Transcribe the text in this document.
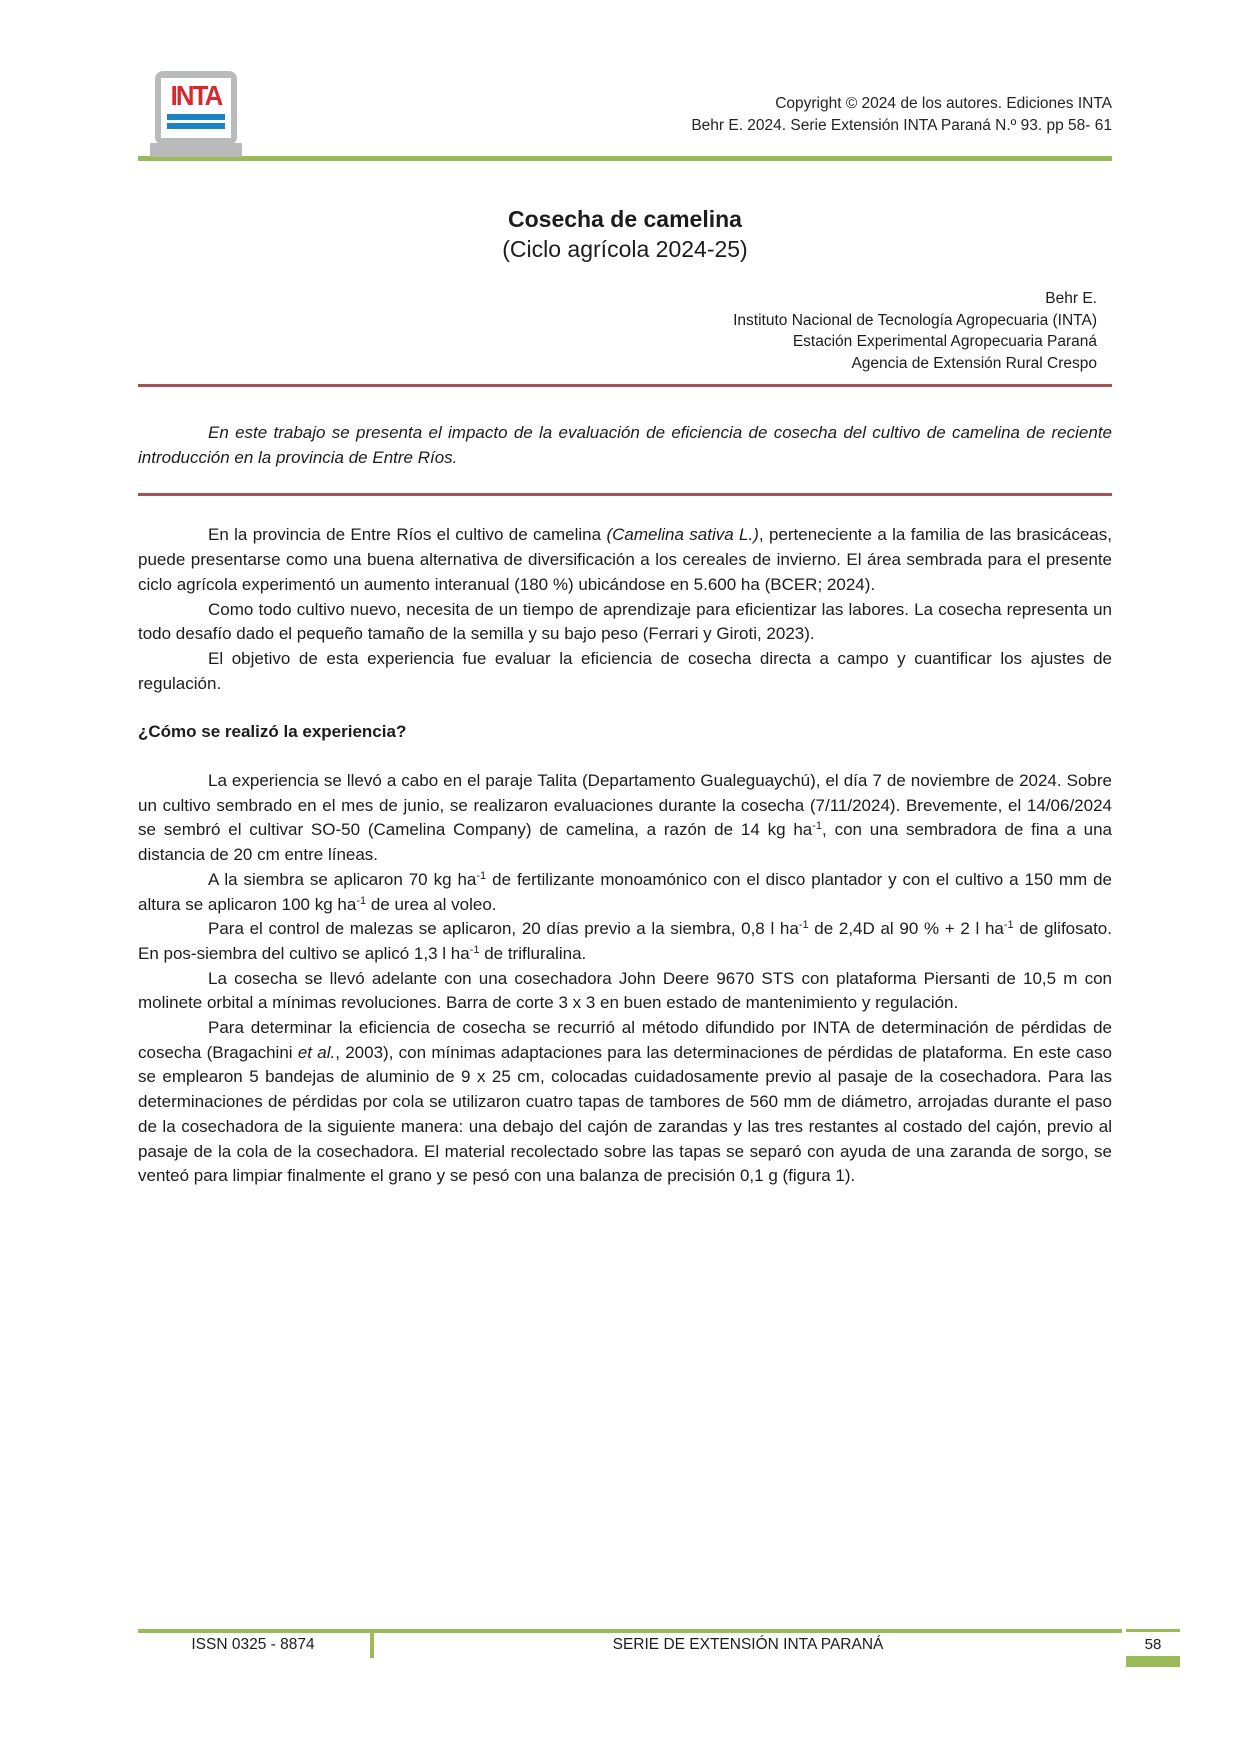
INTA	Copyright © 2024 de los autores. Ediciones INTA
Behr E. 2024. Serie Extensión INTA Paraná N.º 93. pp 58- 61
Cosecha de camelina
(Ciclo agrícola 2024-25)
Behr E.
Instituto Nacional de Tecnología Agropecuaria (INTA)
Estación Experimental Agropecuaria Paraná
Agencia de Extensión Rural Crespo

En este trabajo se presenta el impacto de la evaluación de eficiencia de cosecha del cultivo de camelina de reciente introducción en la provincia de Entre Ríos.

En la provincia de Entre Ríos el cultivo de camelina (Camelina sativa L.), perteneciente a la familia de las brasicáceas, puede presentarse como una buena alternativa de diversificación a los cereales de invierno. El área sembrada para el presente ciclo agrícola experimentó un aumento interanual (180 %) ubicándose en 5.600 ha (BCER; 2024).

Como todo cultivo nuevo, necesita de un tiempo de aprendizaje para eficientizar las labores. La cosecha representa un todo desafío dado el pequeño tamaño de la semilla y su bajo peso (Ferrari y Giroti, 2023).

El objetivo de esta experiencia fue evaluar la eficiencia de cosecha directa a campo y cuantificar los ajustes de regulación.

¿Cómo se realizó la experiencia?

La experiencia se llevó a cabo en el paraje Talita (Departamento Gualeguaychú), el día 7 de noviembre de 2024. Sobre un cultivo sembrado en el mes de junio, se realizaron evaluaciones durante la cosecha (7/11/2024). Brevemente, el 14/06/2024 se sembró el cultivar SO-50 (Camelina Company) de camelina, a razón de 14 kg $ha^{-1}$, con una sembradora de fina a una distancia de 20 cm entre líneas.

A la siembra se aplicaron 70 kg $ha^{-1}$ de fertilizante monoamónico con el disco plantador y con el cultivo a 150 mm de altura se aplicaron 100 kg $ha^{-1}$ de urea al voleo.

Para el control de malezas se aplicaron, 20 días previo a la siembra, 0,8 l $ha^{-1}$ de 2,4D al 90 % + 2 l $ha^{-1}$ de glifosato. En pos-siembra del cultivo se aplicó 1,3 l $ha^{-1}$ de trifluralina.

La cosecha se llevó adelante con una cosechadora John Deere 9670 STS con plataforma Piersanti de 10,5 m con molinete orbital a mínimas revoluciones. Barra de corte 3 x 3 en buen estado de mantenimiento y regulación.

Para determinar la eficiencia de cosecha se recurrió al método difundido por INTA de determinación de pérdidas de cosecha (Bragachini et al., 2003), con mínimas adaptaciones para las determinaciones de pérdidas de plataforma. En este caso se emplearon 5 bandejas de aluminio de 9 x 25 cm, colocadas cuidadosamente previo al pasaje de la cosechadora. Para las determinaciones de pérdidas por cola se utilizaron cuatro tapas de tambores de 560 mm de diámetro, arrojadas durante el paso de la cosechadora de la siguiente manera: una debajo del cajón de zarandas y las tres restantes al costado del cajón, previo al pasaje de la cola de la cosechadora. El material recolectado sobre las tapas se separó con ayuda de una zaranda de sorgo, se venteó para limpiar finalmente el grano y se pesó con una balanza de precisión 0,1 g (figura 1).

ISSN 0325 - 8874	SERIE DE EXTENSIÓN INTA PARANÁ	58
